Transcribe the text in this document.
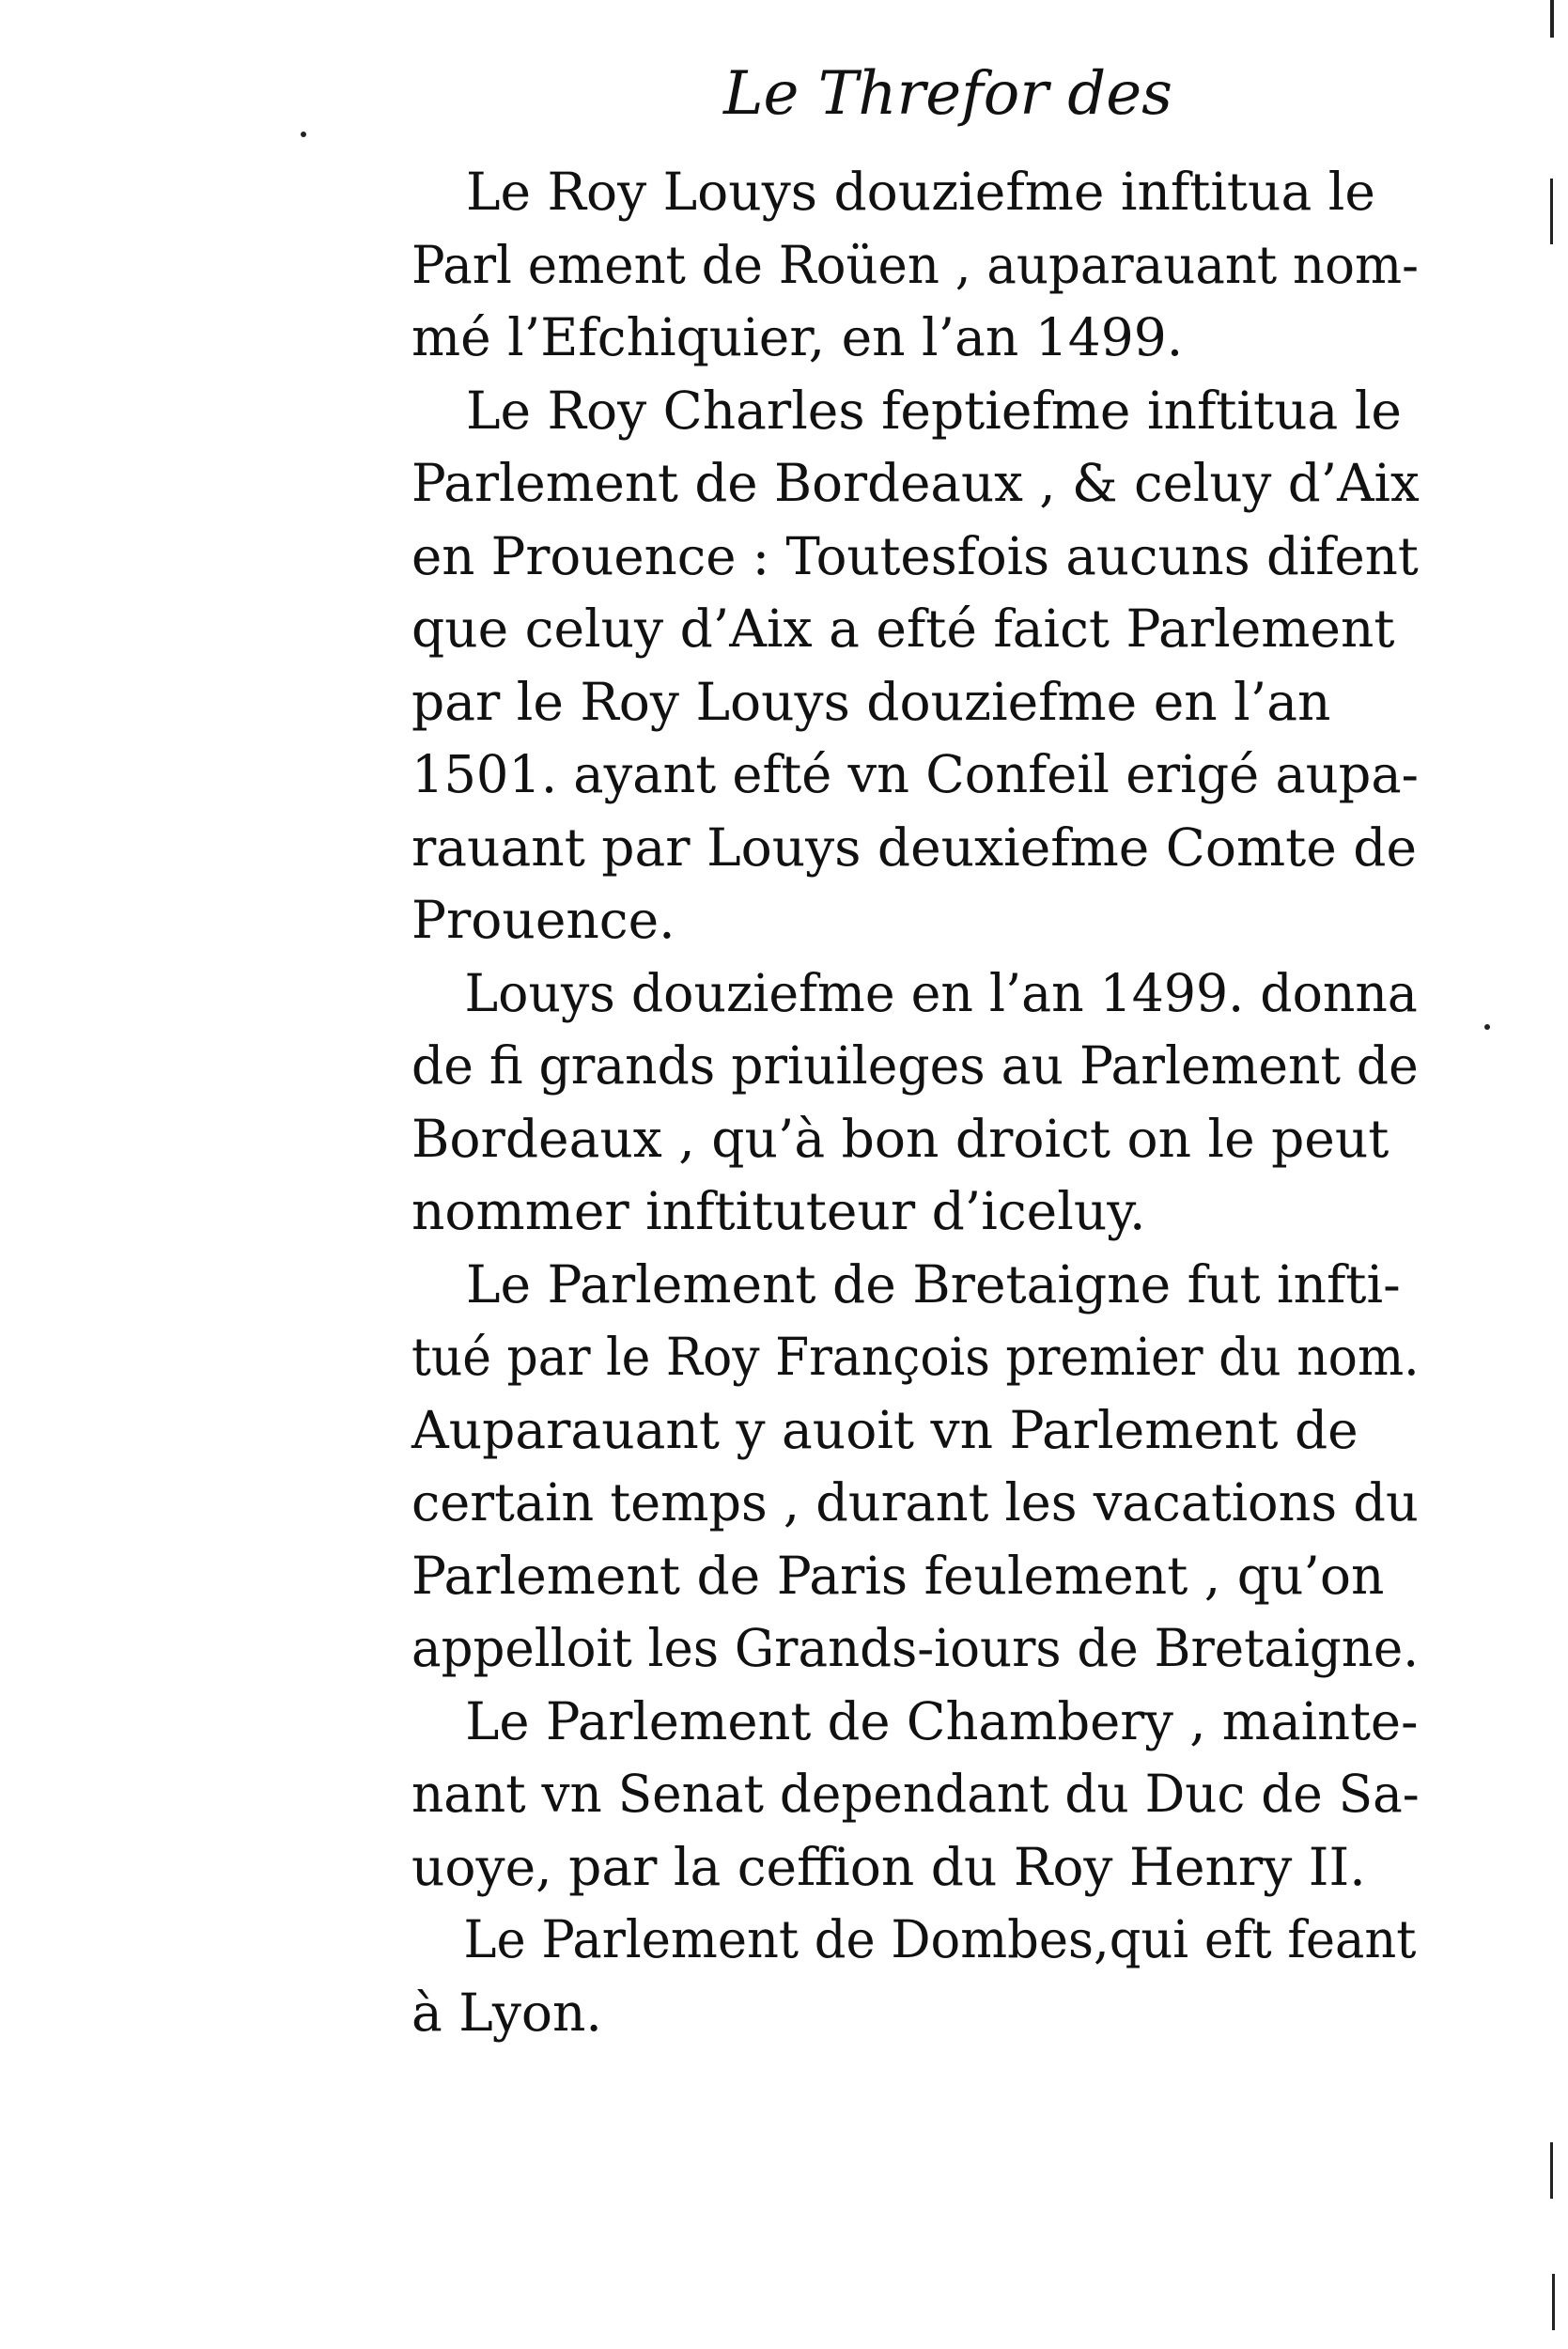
Le Threfor des
Le Roy Louys douziefme inftitua le
Parl ement de Roüen , auparauant nom-
mé l’Efchiquier, en l’an 1499.
Le Roy Charles feptiefme inftitua le
Parlement de Bordeaux , & celuy d’Aix
en Prouence : Toutesfois aucuns difent
que celuy d’Aix a efté faict Parlement
par le Roy Louys douziefme en l’an
1501. ayant efté vn Confeil erigé aupa-
rauant par Louys deuxiefme Comte de
Prouence.
Louys douziefme en l’an 1499. donna
de fi grands priuileges au Parlement de
Bordeaux , qu’à bon droict on le peut
nommer inftituteur d’iceluy.
Le Parlement de Bretaigne fut infti-
tué par le Roy François premier du nom.
Auparauant y auoit vn Parlement de
certain temps , durant les vacations du
Parlement de Paris feulement , qu’on
appelloit les Grands-iours de Bretaigne.
Le Parlement de Chambery , mainte-
nant vn Senat dependant du Duc de Sa-
uoye, par la ceffion du Roy Henry II.
Le Parlement de Dombes,qui eft feant
à Lyon.
